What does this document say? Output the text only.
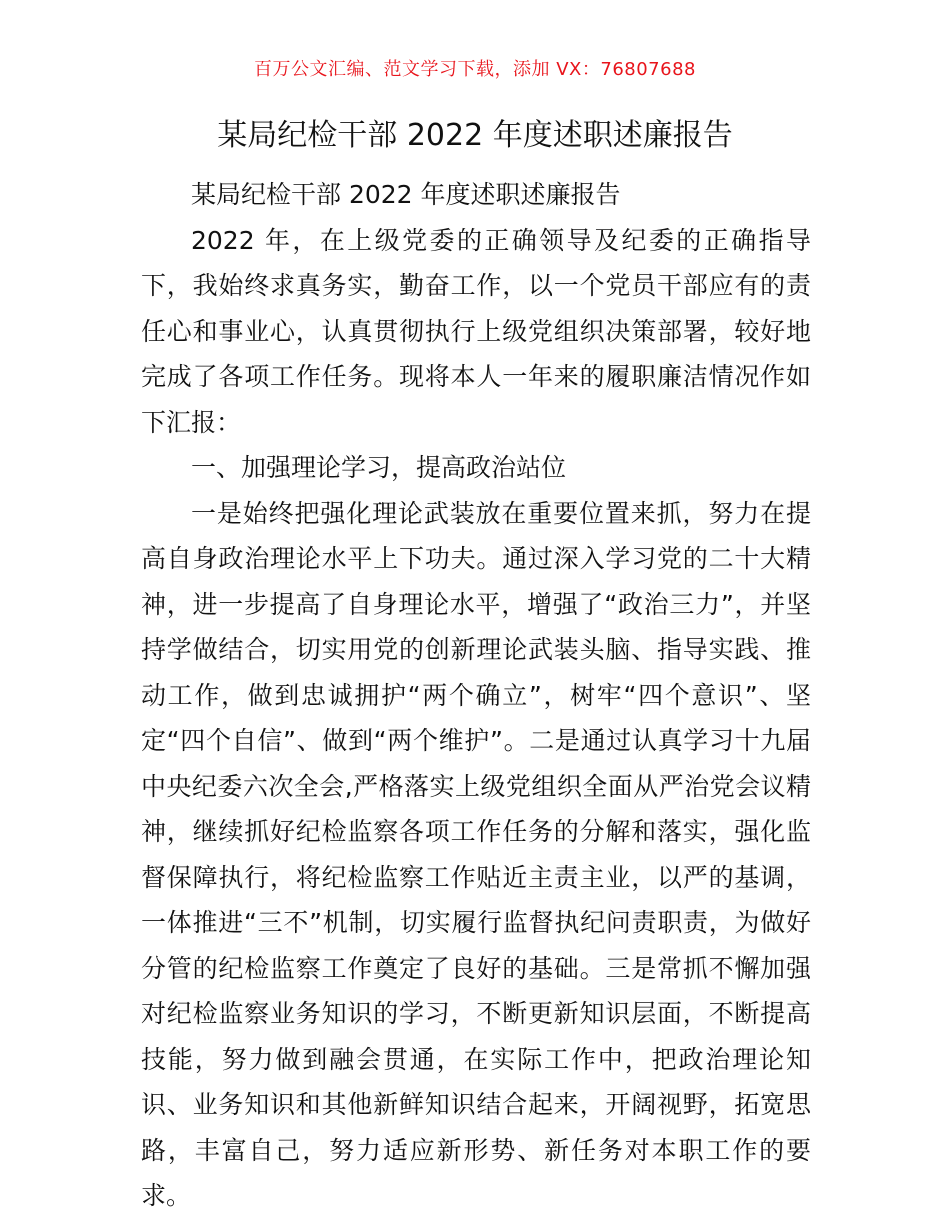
百万公文汇编、范文学习下载，添加 VX：76807688
某局纪检干部 2022 年度述职述廉报告

某局纪检干部 2022 年度述职述廉报告

2022 年，在上级党委的正确领导及纪委的正确指导下，我始终求真务实，勤奋工作，以一个党员干部应有的责任心和事业心，认真贯彻执行上级党组织决策部署，较好地完成了各项工作任务。现将本人一年来的履职廉洁情况作如下汇报：

一、加强理论学习，提高政治站位

一是始终把强化理论武装放在重要位置来抓，努力在提高自身政治理论水平上下功夫。通过深入学习党的二十大精神，进一步提高了自身理论水平，增强了“政治三力”，并坚持学做结合，切实用党的创新理论武装头脑、指导实践、推动工作，做到忠诚拥护“两个确立”，树牢“四个意识”、坚定“四个自信”、做到“两个维护”。二是通过认真学习十九届中央纪委六次全会,严格落实上级党组织全面从严治党会议精神，继续抓好纪检监察各项工作任务的分解和落实，强化监督保障执行，将纪检监察工作贴近主责主业，以严的基调，一体推进“三不”机制，切实履行监督执纪问责职责，为做好分管的纪检监察工作奠定了良好的基础。三是常抓不懈加强对纪检监察业务知识的学习，不断更新知识层面，不断提高技能，努力做到融会贯通，在实际工作中，把政治理论知识、业务知识和其他新鲜知识结合起来，开阔视野，拓宽思路，丰富自己，努力适应新形势、新任务对本职工作的要求。
